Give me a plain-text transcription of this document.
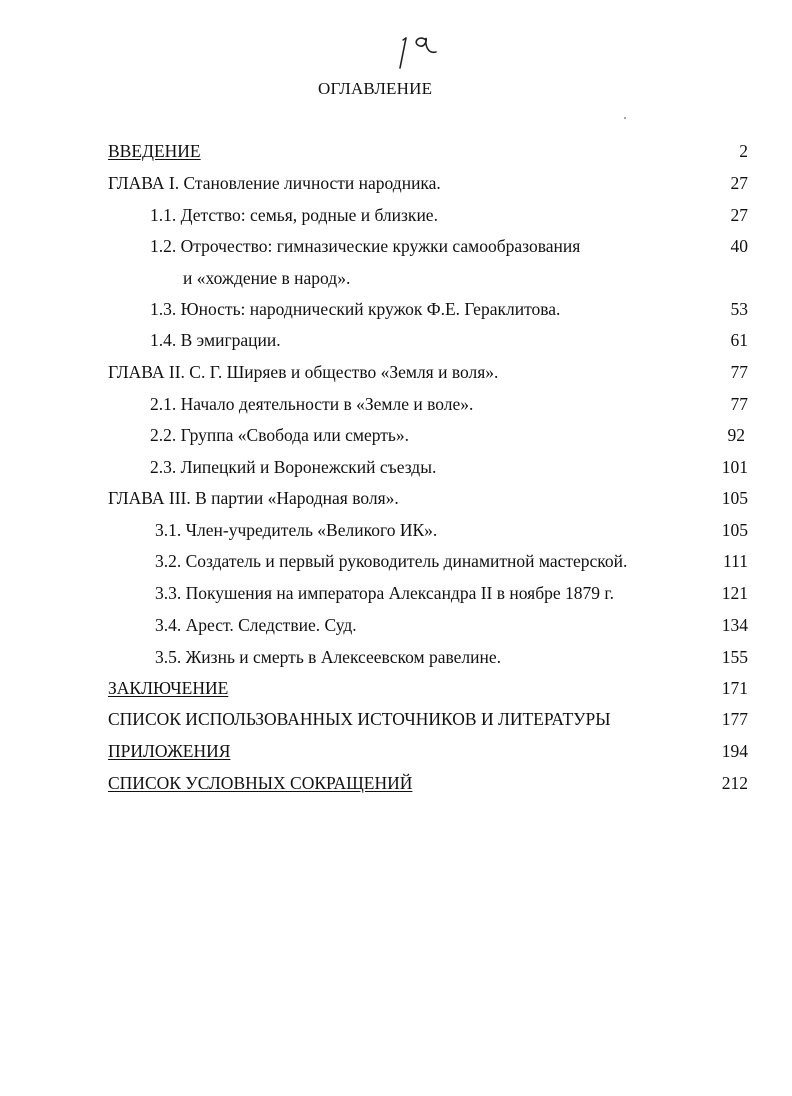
ОГЛАВЛЕНИЕ
ВВЕДЕНИЕ	2
ГЛАВА I. Становление личности народника.	27
1.1. Детство: семья, родные и близкие.	27
1.2. Отрочество: гимназические кружки самообразования	40
и «хождение в народ».
1.3. Юность: народнический кружок Ф.Е. Гераклитова.	53
1.4. В эмиграции.	61
ГЛАВА II. С. Г. Ширяев и общество «Земля и воля».	77
2.1. Начало деятельности в «Земле и воле».	77
2.2. Группа «Свобода или смерть».	92
2.3. Липецкий и Воронежский съезды.	101
ГЛАВА III. В партии «Народная воля».	105
3.1. Член-учредитель «Великого ИК».	105
3.2. Создатель и первый руководитель динамитной мастерской.	111
3.3. Покушения на императора Александра II в ноябре 1879 г.	121
3.4. Арест. Следствие. Суд.	134
3.5. Жизнь и смерть в Алексеевском равелине.	155
ЗАКЛЮЧЕНИЕ	171
СПИСОК ИСПОЛЬЗОВАННЫХ ИСТОЧНИКОВ И ЛИТЕРАТУРЫ	177
ПРИЛОЖЕНИЯ	194
СПИСОК УСЛОВНЫХ СОКРАЩЕНИЙ	212
